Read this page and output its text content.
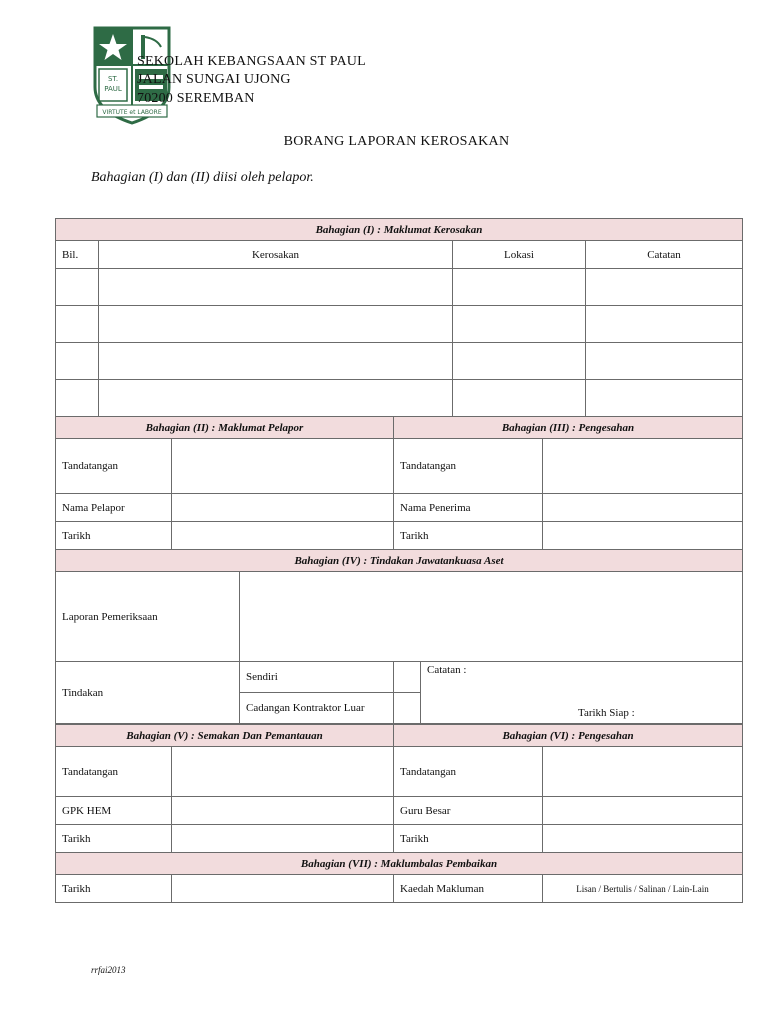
ST.
PAUL
VIRTUTE et LABORE
SEKOLAH KEBANGSAAN ST PAUL
JALAN SUNGAI UJONG
70200 SEREMBAN
BORANG LAPORAN KEROSAKAN
Bahagian (I) dan (II) diisi oleh pelapor.
Bahagian (I) : Maklumat Kerosakan			
Bil.	Kerosakan	Lokasi	Catatan

Bahagian (II) : Maklumat Pelapor		Bahagian (III) : Pengesahan	
Tandatangan		Tandatangan	
Nama Pelapor		Nama Penerima	
Tarikh		Tarikh	
Bahagian (IV) : Tindakan Jawatankuasa Aset			
Laporan Pemeriksaan			
Tindakan	Sendiri		Catatan :
Tarikh Siap :

	Cadangan Kontraktor Luar		
Bahagian (V) : Semakan Dan Pemantauan		Bahagian (VI) : Pengesahan	
Tandatangan		Tandatangan	
GPK HEM		Guru Besar	
Tarikh		Tarikh	
Bahagian (VII) : Maklumbalas Pembaikan
Tarikh		Kaedah Makluman	Lisan / Bertulis / Salinan / Lain-Lain
rrfai2013
